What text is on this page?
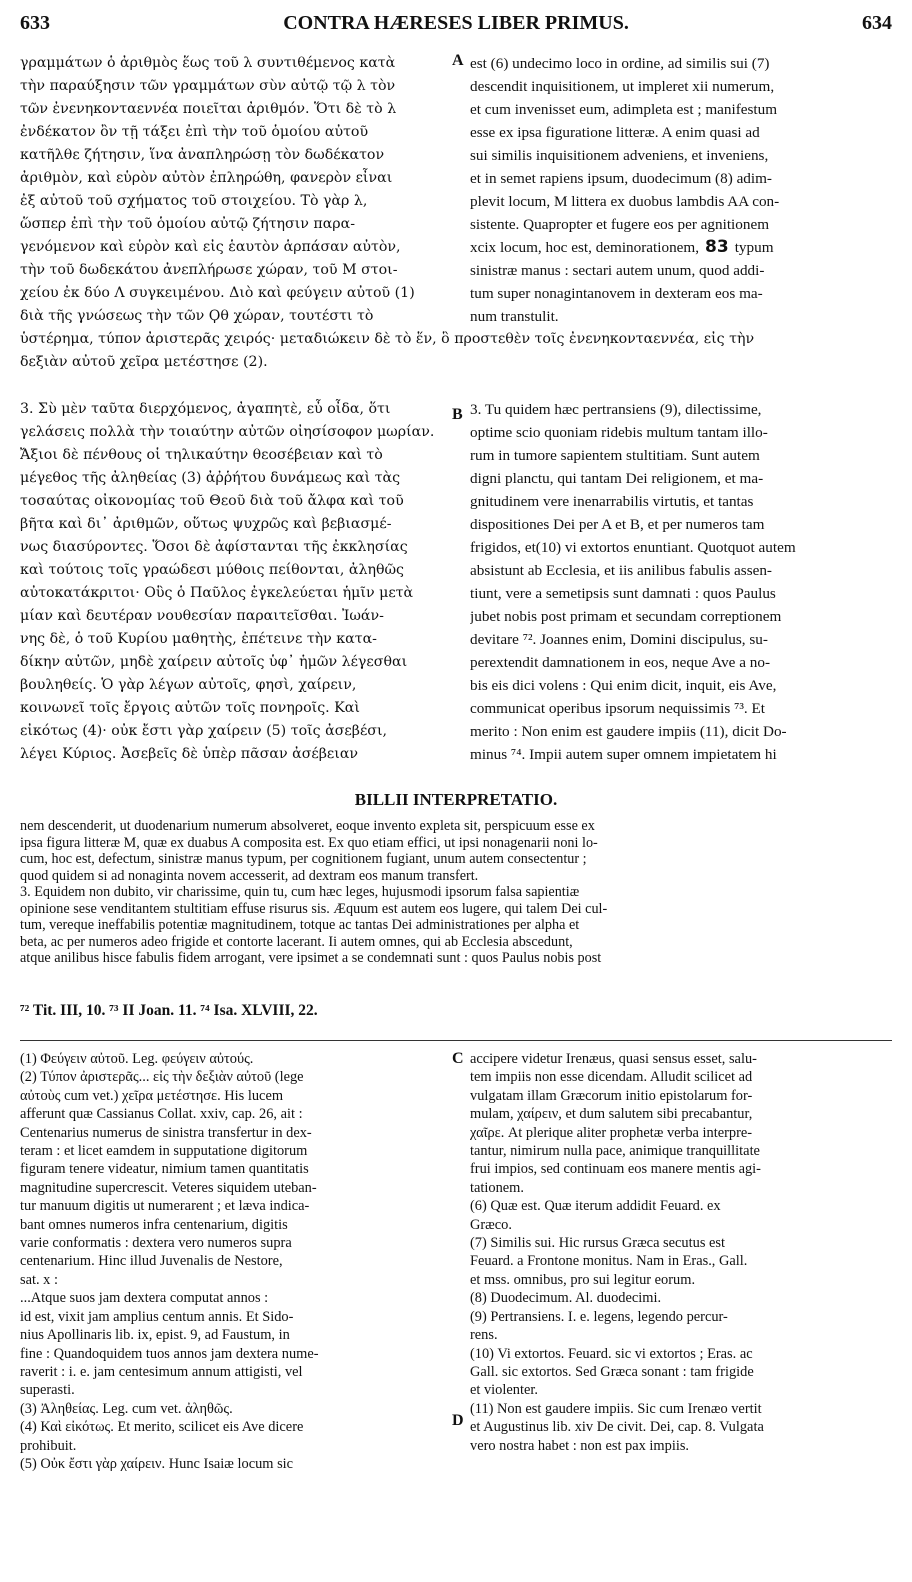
633	CONTRA HÆRESES LIBER PRIMUS.	634
γραμμάτων ὁ ἀριθμὸς ἕως τοῦ λ συντιθέμενος κατὰ
τὴν παραύξησιν τῶν γραμμάτων σὺν αὐτῷ τῷ λ τὸν
τῶν ἐνενηκονταεννέα ποιεῖται ἀριθμόν. Ὅτι δὲ τὸ λ
ἐνδέκατον ὂν τῇ τάξει ἐπὶ τὴν τοῦ ὁμοίου αὐτοῦ
κατῆλθε ζήτησιν, ἵνα ἀναπληρώσῃ τὸν δωδέκατον
ἀριθμὸν, καὶ εὑρὸν αὐτὸν ἐπληρώθη, φανερὸν εἶναι
ἐξ αὐτοῦ τοῦ σχήματος τοῦ στοιχείου. Τὸ γὰρ λ,
ὥσπερ ἐπὶ τὴν τοῦ ὁμοίου αὐτῷ ζήτησιν παρα-
γενόμενον καὶ εὑρὸν καὶ εἰς ἑαυτὸν ἁρπάσαν αὐτὸν,
τὴν τοῦ δωδεκάτου ἀνεπλήρωσε χώραν, τοῦ Μ στοι-
χείου ἐκ δύο Λ συγκειμένου. Διὸ καὶ φεύγειν αὐτοῦ (1)
διὰ τῆς γνώσεως τὴν τῶν Ϙθ χώραν, τουτέστι τὸ
A est (6) undecimo loco in ordine, ad similis sui (7)
descendit inquisitionem, ut impleret xii numerum,
et cum invenisset eum, adimpleta est ; manifestum
esse ex ipsa figuratione litteræ. A enim quasi ad
sui similis inquisitionem adveniens, et inveniens,
et in semet rapiens ipsum, duodecimum (8) adim-
plevit locum, M littera ex duobus lambdis AA con-
sistente. Quapropter et fugere eos per agnitionem
xcix locum, hoc est, deminorationem, 83 typum
sinistræ manus : sectari autem unum, quod addi-
tum super nonagintanovem in dexteram eos ma-
num transtulit.
ὑστέρημα, τύπον ἀριστερᾶς χειρός· μεταδιώκειν δὲ τὸ ἕν, ὃ προστεθὲν τοῖς ἐνενηκονταεννέα, εἰς τὴν
δεξιὰν αὐτοῦ χεῖρα μετέστησε (2).
3. Σὺ μὲν ταῦτα διερχόμενος, ἀγαπητὲ, εὖ οἶδα, ὅτι
γελάσεις πολλὰ τὴν τοιαύτην αὐτῶν οἰησίσοφον μωρίαν.
Ἄξιοι δὲ πένθους οἱ τηλικαύτην θεοσέβειαν καὶ τὸ
μέγεθος τῆς ἀληθείας (3) ἀῤῥήτου δυνάμεως καὶ τὰς
τοσαύτας οἰκονομίας τοῦ Θεοῦ διὰ τοῦ ἄλφα καὶ τοῦ
βῆτα καὶ δι᾽ ἀριθμῶν, οὕτως ψυχρῶς καὶ βεβιασμέ-
νως διασύροντες. Ὅσοι δὲ ἀφίστανται τῆς ἐκκλησίας
καὶ τούτοις τοῖς γραώδεσι μύθοις πείθονται, ἀληθῶς
αὐτοκατάκριτοι· Οὓς ὁ Παῦλος ἐγκελεύεται ἡμῖν μετὰ
μίαν καὶ δευτέραν νουθεσίαν παραιτεῖσθαι. Ἰωάν-
νης δὲ, ὁ τοῦ Κυρίου μαθητὴς, ἐπέτεινε τὴν κατα-
δίκην αὐτῶν, μηδὲ χαίρειν αὐτοῖς ὑφ᾽ ἡμῶν λέγεσθαι
βουληθείς. Ὁ γὰρ λέγων αὐτοῖς, φησὶ, χαίρειν,
κοινωνεῖ τοῖς ἔργοις αὐτῶν τοῖς πονηροῖς. Καὶ
εἰκότως (4)· οὐκ ἔστι γὰρ χαίρειν (5) τοῖς ἀσεβέσι,
λέγει Κύριος. Ἀσεβεῖς δὲ ὑπὲρ πᾶσαν ἀσέβειαν
B 3. Tu quidem hæc pertransiens (9), dilectissime,
optime scio quoniam ridebis multum tantam illo-
rum in tumore sapientem stultitiam. Sunt autem
digni planctu, qui tantam Dei religionem, et ma-
gnitudinem vere inenarrabilis virtutis, et tantas
dispositiones Dei per A et B, et per numeros tam
frigidos, et(10) vi extortos enuntiant. Quotquot autem
absistunt ab Ecclesia, et iis anilibus fabulis assen-
tiunt, vere a semetipsis sunt damnati : quos Paulus
jubet nobis post primam et secundam correptionem
devitare ⁷². Joannes enim, Domini discipulus, su-
perextendit damnationem in eos, neque Ave a no-
bis eis dici volens : Qui enim dicit, inquit, eis Ave,
communicat operibus ipsorum nequissimis ⁷³. Et
merito : Non enim est gaudere impiis (11), dicit Do-
minus ⁷⁴. Impii autem super omnem impietatem hi
BILLII INTERPRETATIO.
nem descenderit, ut duodenarium numerum absolveret, eoque invento expleta sit, perspicuum esse ex
ipsa figura litteræ M, quæ ex duabus A composita est. Ex quo etiam effici, ut ipsi nonagenarii noni lo-
cum, hoc est, defectum, sinistræ manus typum, per cognitionem fugiant, unum autem consectentur ;
quod quidem si ad nonaginta novem accesserit, ad dextram eos manum transfert.
3. Equidem non dubito, vir charissime, quin tu, cum hæc leges, hujusmodi ipsorum falsa sapientiæ
opinione sese venditantem stultitiam effuse risurus sis. Æquum est autem eos lugere, qui talem Dei cul-
tum, vereque ineffabilis potentiæ magnitudinem, totque ac tantas Dei administrationes per alpha et
beta, ac per numeros adeo frigide et contorte lacerant. Ii autem omnes, qui ab Ecclesia abscedunt,
atque anilibus hisce fabulis fidem arrogant, vere ipsimet a se condemnati sunt : quos Paulus nobis post
⁷² Tit. III, 10. ⁷³ II Joan. 11. ⁷⁴ Isa. XLVIII, 22.
(1) Φεύγειν αὐτοῦ. Leg. φεύγειν αὐτούς.
(2) Τύπον ἀριστερᾶς... εἰς τὴν δεξιὰν αὐτοῦ (lege
αὐτοὺς cum vet.) χεῖρα μετέστησε. His lucem
afferunt quæ Cassianus Collat. xxiv, cap. 26, ait :
Centenarius numerus de sinistra transfertur in dex-
teram : et licet eamdem in supputatione digitorum
figuram tenere videatur, nimium tamen quantitatis
magnitudine supercrescit. Veteres siquidem uteban-
tur manuum digitis ut numerarent ; et læva indica-
bant omnes numeros infra centenarium, digitis
varie conformatis : dextera vero numeros supra
centenarium. Hinc illud Juvenalis de Nestore,
sat. x :
...Atque suos jam dextera computat annos :
id est, vixit jam amplius centum annis. Et Sido-
nius Apollinaris lib. ix, epist. 9, ad Faustum, in
fine : Quandoquidem tuos annos jam dextera nume-
raverit : i. e. jam centesimum annum attigisti, vel
superasti.
(3) Ἀληθείας. Leg. cum vet. ἀληθῶς.
(4) Καὶ εἰκότως. Et merito, scilicet eis Ave dicere
prohibuit.
(5) Οὐκ ἔστι γὰρ χαίρειν. Hunc Isaiæ locum sic
C
D
accipere videtur Irenæus, quasi sensus esset, salu-
tem impiis non esse dicendam. Alludit scilicet ad
vulgatam illam Græcorum initio epistolarum for-
mulam, χαίρειν, et dum salutem sibi precabantur,
χαῖρε. At plerique aliter prophetæ verba interpre-
tantur, nimirum nulla pace, animique tranquillitate
frui impios, sed continuam eos manere mentis agi-
tationem.
(6) Quæ est. Quæ iterum addidit Feuard. ex
Græco.
(7) Similis sui. Hic rursus Græca secutus est
Feuard. a Frontone monitus. Nam in Eras., Gall.
et mss. omnibus, pro sui legitur eorum.
(8) Duodecimum. Al. duodecimi.
(9) Pertransiens. I. e. legens, legendo percur-
rens.
(10) Vi extortos. Feuard. sic vi extortos ; Eras. ac
Gall. sic extortos. Sed Græca sonant : tam frigide
et violenter.
(11) Non est gaudere impiis. Sic cum Irenæo vertit
et Augustinus lib. xiv De civit. Dei, cap. 8. Vulgata
vero nostra habet : non est pax impiis.
